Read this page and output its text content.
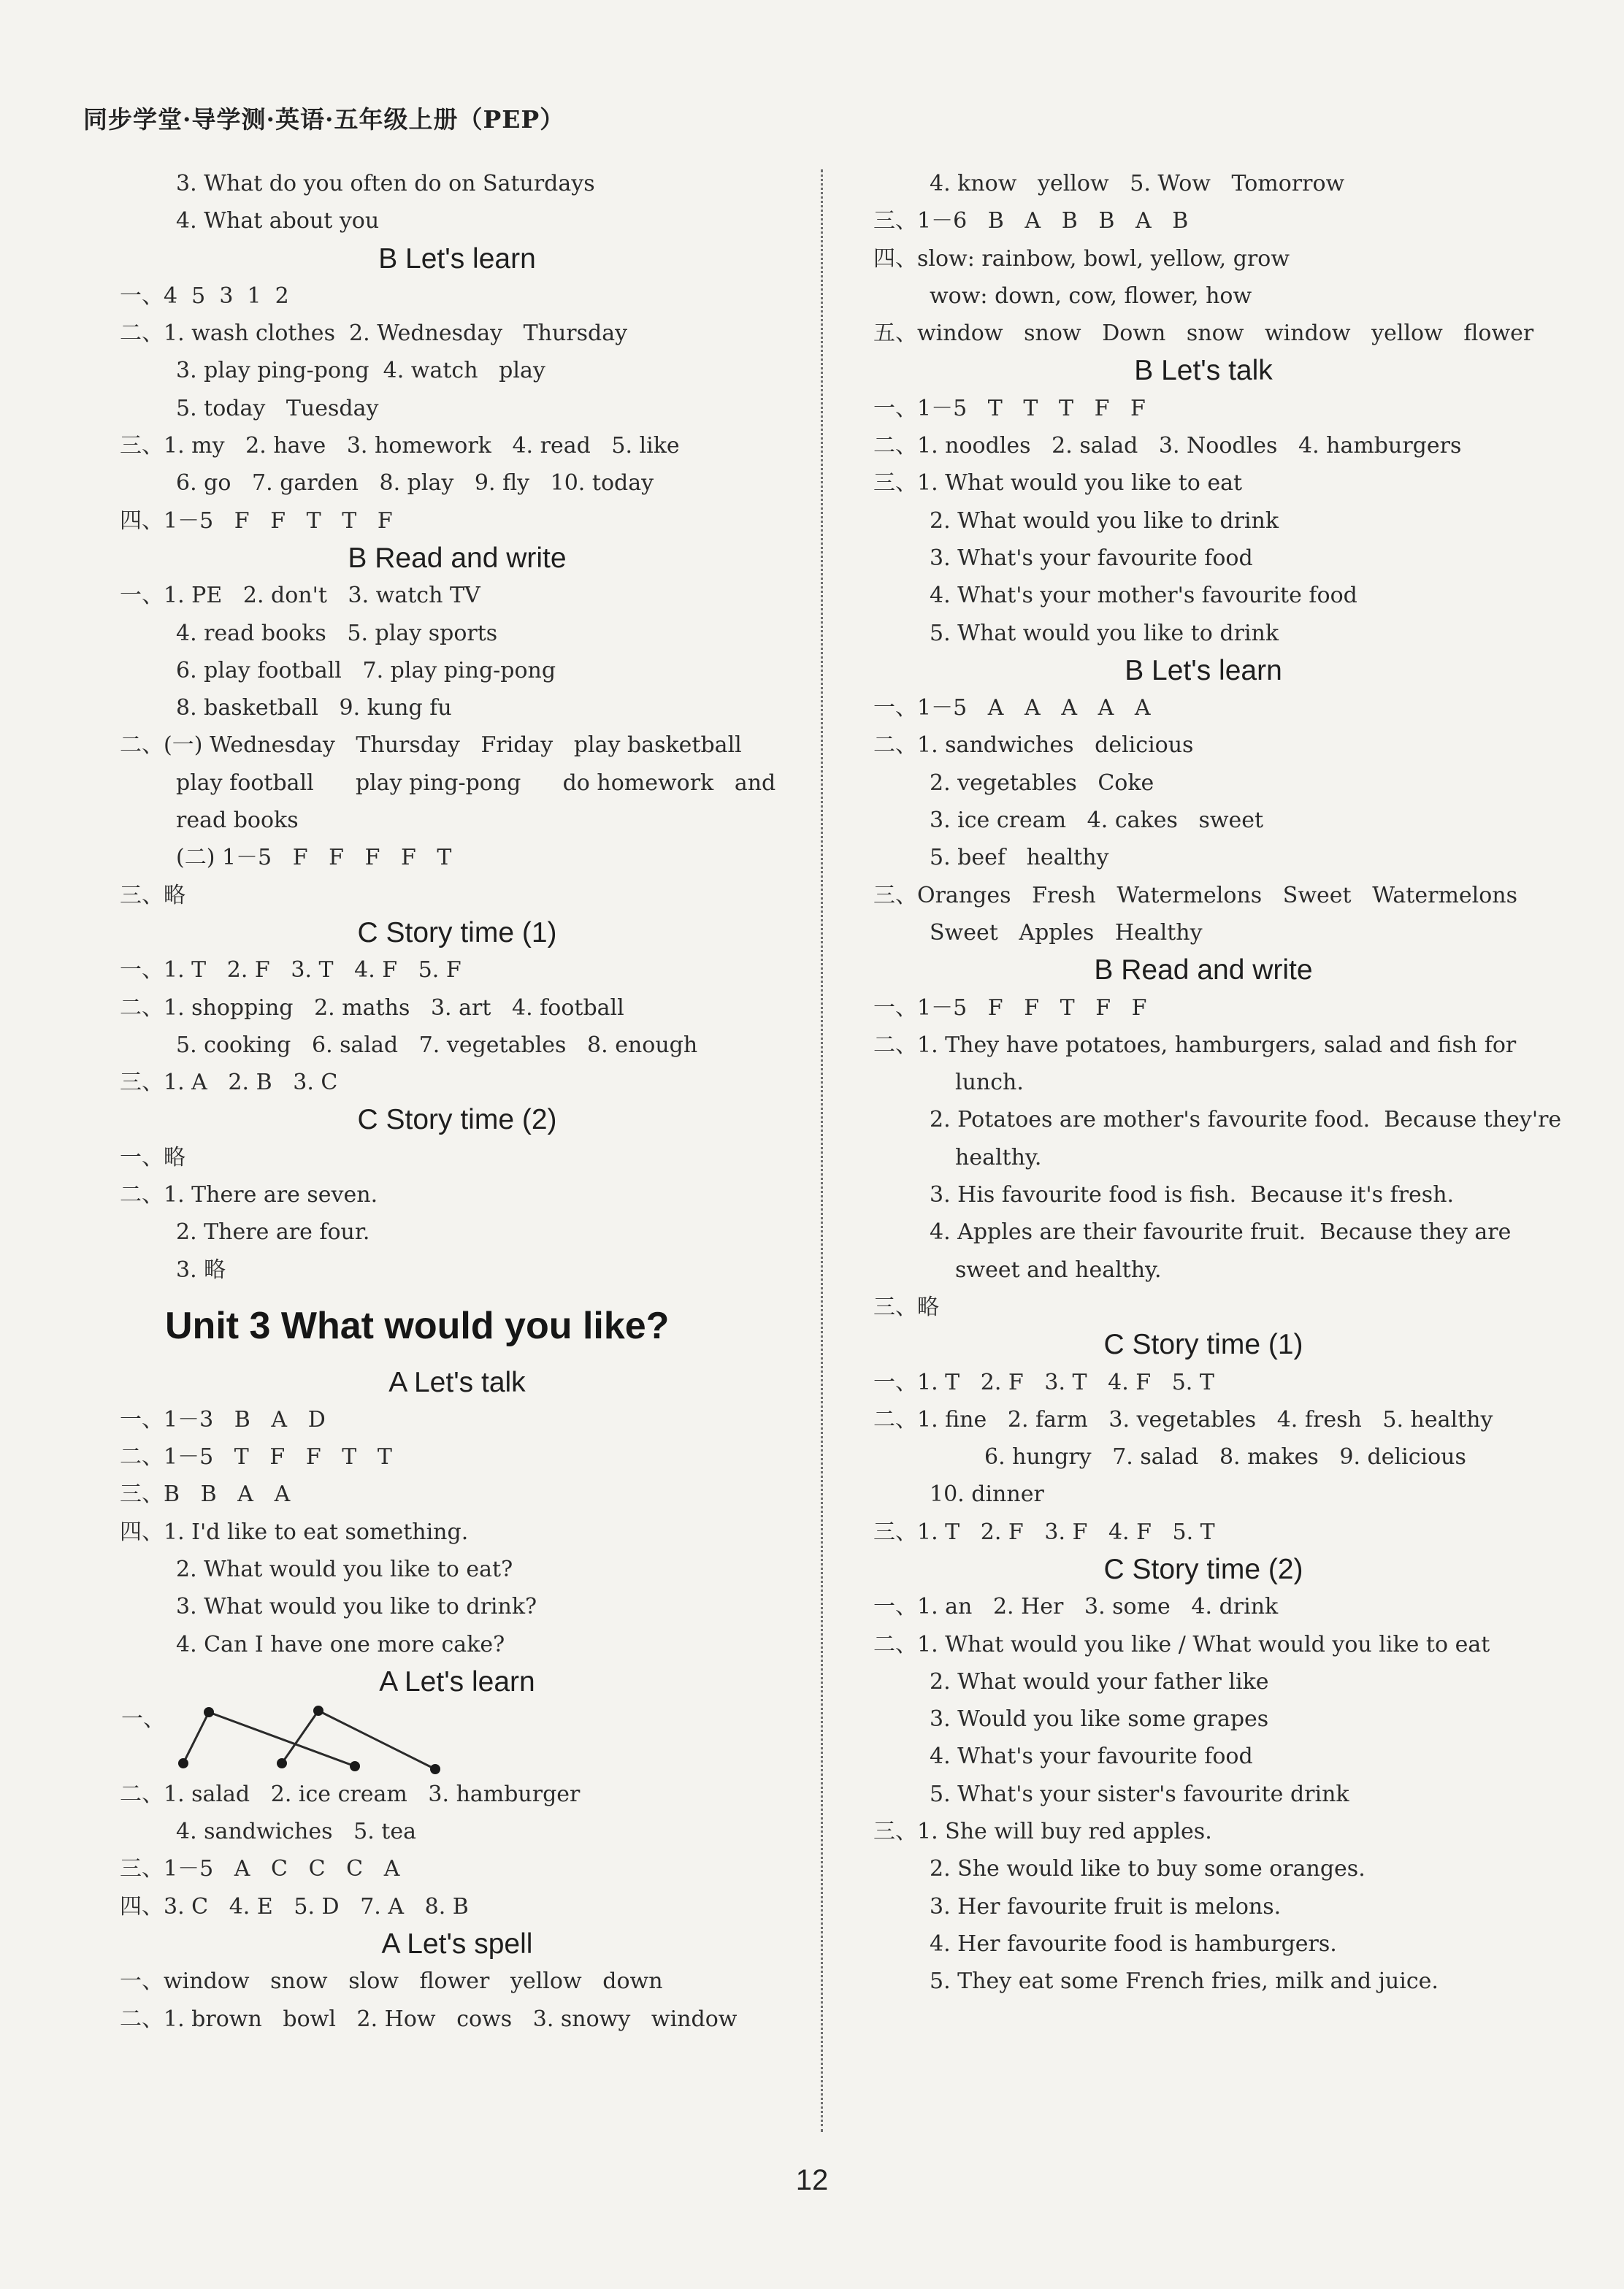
同步学堂·导学测·英语·五年级上册（PEP）
3. What do you often do on Saturdays
4. What about you
B Let's learn
一、4  5  3  1  2
二、1. wash clothes  2. Wednesday   Thursday
3. play ping-pong  4. watch   play
5. today   Tuesday
三、1. my   2. have   3. homework   4. read   5. like
6. go   7. garden   8. play   9. fly   10. today
四、1－5   F   F   T   T   F
B Read and write
一、1. PE   2. don't   3. watch TV
4. read books   5. play sports
6. play football   7. play ping-pong
8. basketball   9. kung fu
二、(一) Wednesday   Thursday   Friday   play basketball
play football      play ping-pong      do homework   and
read books
(二) 1－5   F   F   F   F   T
三、略
C Story time (1)
一、1. T   2. F   3. T   4. F   5. F
二、1. shopping   2. maths   3. art   4. football
5. cooking   6. salad   7. vegetables   8. enough
三、1. A   2. B   3. C
C Story time (2)
一、略
二、1. There are seven.
2. There are four.
3. 略
Unit 3 What would you like?
A Let's talk
一、1－3   B   A   D
二、1－5   T   F   F   T   T
三、B   B   A   A
四、1. I'd like to eat something.
2. What would you like to eat?
3. What would you like to drink?
4. Can I have one more cake?
A Let's learn
一、
二、1. salad   2. ice cream   3. hamburger
4. sandwiches   5. tea
三、1－5   A   C   C   C   A
四、3. C   4. E   5. D   7. A   8. B
A Let's spell
一、window   snow   slow   flower   yellow   down
二、1. brown   bowl   2. How   cows   3. snowy   window
4. know   yellow   5. Wow   Tomorrow
三、1－6   B   A   B   B   A   B
四、slow: rainbow, bowl, yellow, grow
wow: down, cow, flower, how
五、window   snow   Down   snow   window   yellow   flower
B Let's talk
一、1－5   T   T   T   F   F
二、1. noodles   2. salad   3. Noodles   4. hamburgers
三、1. What would you like to eat
2. What would you like to drink
3. What's your favourite food
4. What's your mother's favourite food
5. What would you like to drink
B Let's learn
一、1－5   A   A   A   A   A
二、1. sandwiches   delicious
2. vegetables   Coke
3. ice cream   4. cakes   sweet
5. beef   healthy
三、Oranges   Fresh   Watermelons   Sweet   Watermelons
Sweet   Apples   Healthy
B Read and write
一、1－5   F   F   T   F   F
二、1. They have potatoes, hamburgers, salad and fish for
lunch.
2. Potatoes are mother's favourite food.  Because they're
healthy.
3. His favourite food is fish.  Because it's fresh.
4. Apples are their favourite fruit.  Because they are
sweet and healthy.
三、略
C Story time (1)
一、1. T   2. F   3. T   4. F   5. T
二、1. fine   2. farm   3. vegetables   4. fresh   5. healthy
6. hungry   7. salad   8. makes   9. delicious
10. dinner
三、1. T   2. F   3. F   4. F   5. T
C Story time (2)
一、1. an   2. Her   3. some   4. drink
二、1. What would you like / What would you like to eat
2. What would your father like
3. Would you like some grapes
4. What's your favourite food
5. What's your sister's favourite drink
三、1. She will buy red apples.
2. She would like to buy some oranges.
3. Her favourite fruit is melons.
4. Her favourite food is hamburgers.
5. They eat some French fries, milk and juice.
12
